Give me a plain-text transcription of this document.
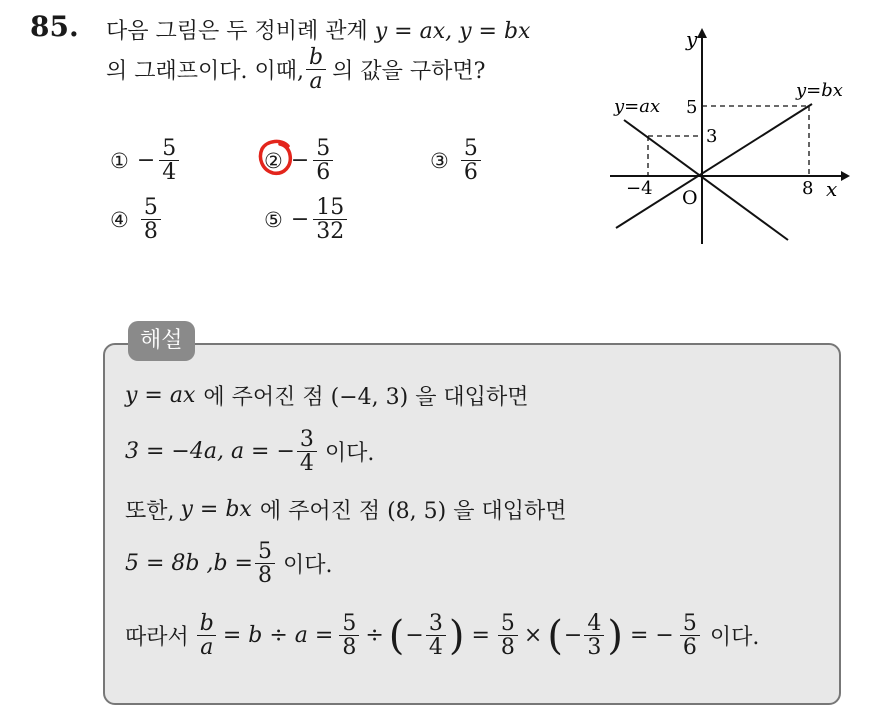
85. 다음 그림은 두 정비례 관계 y = ax, y = bx
의 그래프이다. 이때, $\frac{b}{a}$ 의 값을 구하면?
① − $\frac{5}{4}$	② − $\frac{5}{6}$	③ $\frac{5}{6}$
④ $\frac{5}{8}$	⑤ − $\frac{15}{32}$
y
x
O
y=ax
y=bx
5
3
−4	8
해설
y = ax 에 주어진 점 (−4, 3) 을 대입하면
3 = −4a, a = − $\frac{3}{4}$ 이다.
또한, y = bx 에 주어진 점 (8, 5) 을 대입하면
5 = 8b $,b = \frac{5}{8}$ 이다.
따라서 $\frac{b}{a} = b \div a = \frac{5}{8}$ ÷ ( − $\frac{3}{4}$ ) = $\frac{5}{8}$ × ( − $\frac{4}{3}$ ) = − $\frac{5}{6}$ 이다.
